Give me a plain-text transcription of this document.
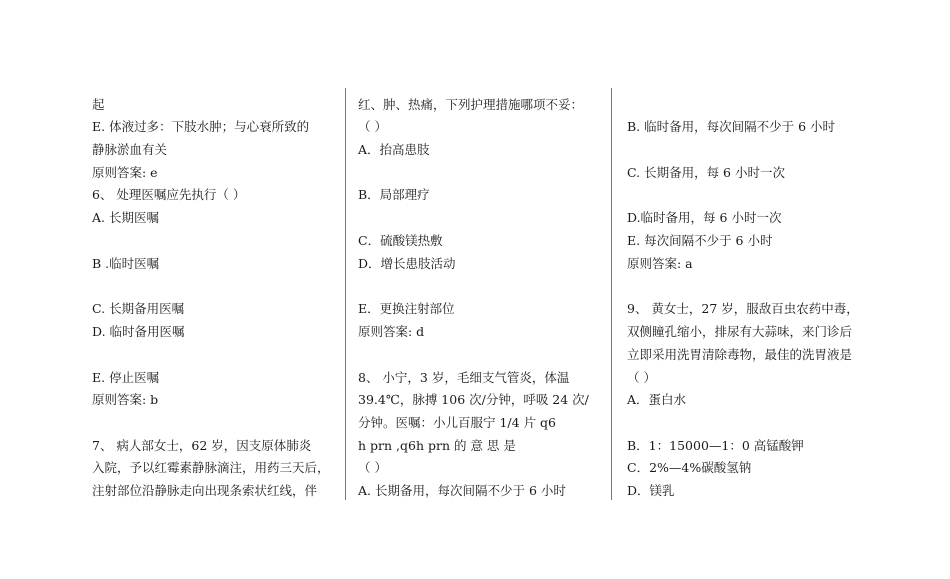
起
E. 体液过多：下肢水肿；与心衰所致的
静脉淤血有关
原则答案: e
6、 处理医嘱应先执行（ ）
A. 长期医嘱
B .临时医嘱
C. 长期备用医嘱
D. 临时备用医嘱
E. 停止医嘱
原则答案: b
7、 病人部女士，62 岁，因支原体肺炎
入院，予以红霉素静脉滴注，用药三天后，
注射部位沿静脉走向出现条索状红线，伴
红、肿、热痛，下列护理措施哪项不妥：
（ ）
A．抬高患肢
B．局部理疗
C．硫酸镁热敷
D．增长患肢活动
E．更换注射部位
原则答案: d
8、 小宁，3 岁，毛细支气管炎，体温
39.4℃，脉搏 106 次/分钟，呼吸 24 次/
分钟。医嘱：小儿百服宁 1/4 片 q6
h prn ,q6h prn 的 意 思 是
（ ）
A. 长期备用，每次间隔不少于 6 小时
B. 临时备用，每次间隔不少于 6 小时
C. 长期备用，每 6 小时一次
D.临时备用，每 6 小时一次
E. 每次间隔不少于 6 小时
原则答案: a
9、 黄女士，27 岁，服敌百虫农药中毒，
双侧瞳孔缩小，排尿有大蒜味，来门诊后
立即采用洗胃清除毒物，最佳的洗胃液是
（ ）
A．蛋白水
B．1：15000—1：0 高锰酸钾
C．2%—4%碳酸氢钠
D．镁乳
